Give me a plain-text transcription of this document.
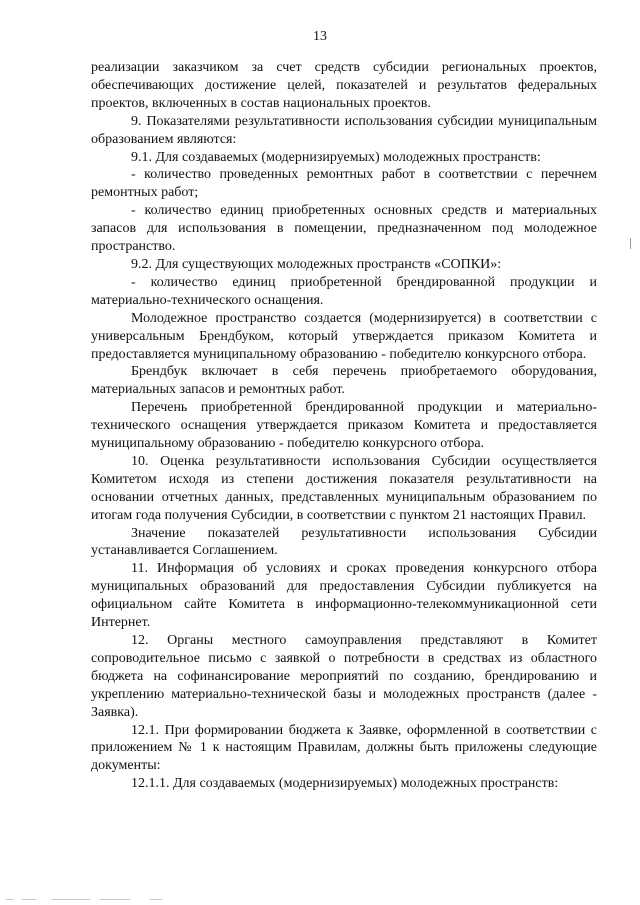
13

реализации заказчиком за счет средств субсидии региональных проектов, обеспечивающих достижение целей, показателей и результатов федеральных проектов, включенных в состав национальных проектов.

9. Показателями результативности использования субсидии муниципальным образованием являются:

9.1. Для создаваемых (модернизируемых) молодежных пространств:

- количество проведенных ремонтных работ в соответствии с перечнем ремонтных работ;

- количество единиц приобретенных основных средств и материальных запасов для использования в помещении, предназначенном под молодежное пространство.

9.2. Для существующих молодежных пространств «СОПКИ»:

- количество единиц приобретенной брендированной продукции и материально-технического оснащения.

Молодежное пространство создается (модернизируется) в соответствии с универсальным Брендбуком, который утверждается приказом Комитета и предоставляется муниципальному образованию - победителю конкурсного отбора.

Брендбук включает в себя перечень приобретаемого оборудования, материальных запасов и ремонтных работ.

Перечень приобретенной брендированной продукции и материально-технического оснащения утверждается приказом Комитета и предоставляется муниципальному образованию - победителю конкурсного отбора.

10. Оценка результативности использования Субсидии осуществляется Комитетом исходя из степени достижения показателя результативности на основании отчетных данных, представленных муниципальным образованием по итогам года получения Субсидии, в соответствии с пунктом 21 настоящих Правил.

Значение показателей результативности использования Субсидии устанавливается Соглашением.

11. Информация об условиях и сроках проведения конкурсного отбора муниципальных образований для предоставления Субсидии публикуется на официальном сайте Комитета в информационно-телекоммуникационной сети Интернет.

12. Органы местного самоуправления представляют в Комитет сопроводительное письмо с заявкой о потребности в средствах из областного бюджета на софинансирование мероприятий по созданию, брендированию и укреплению материально-технической базы и молодежных пространств (далее - Заявка).

12.1. При формировании бюджета к Заявке, оформленной в соответствии с приложением № 1 к настоящим Правилам, должны быть приложены следующие документы:

12.1.1. Для создаваемых (модернизируемых) молодежных пространств:
